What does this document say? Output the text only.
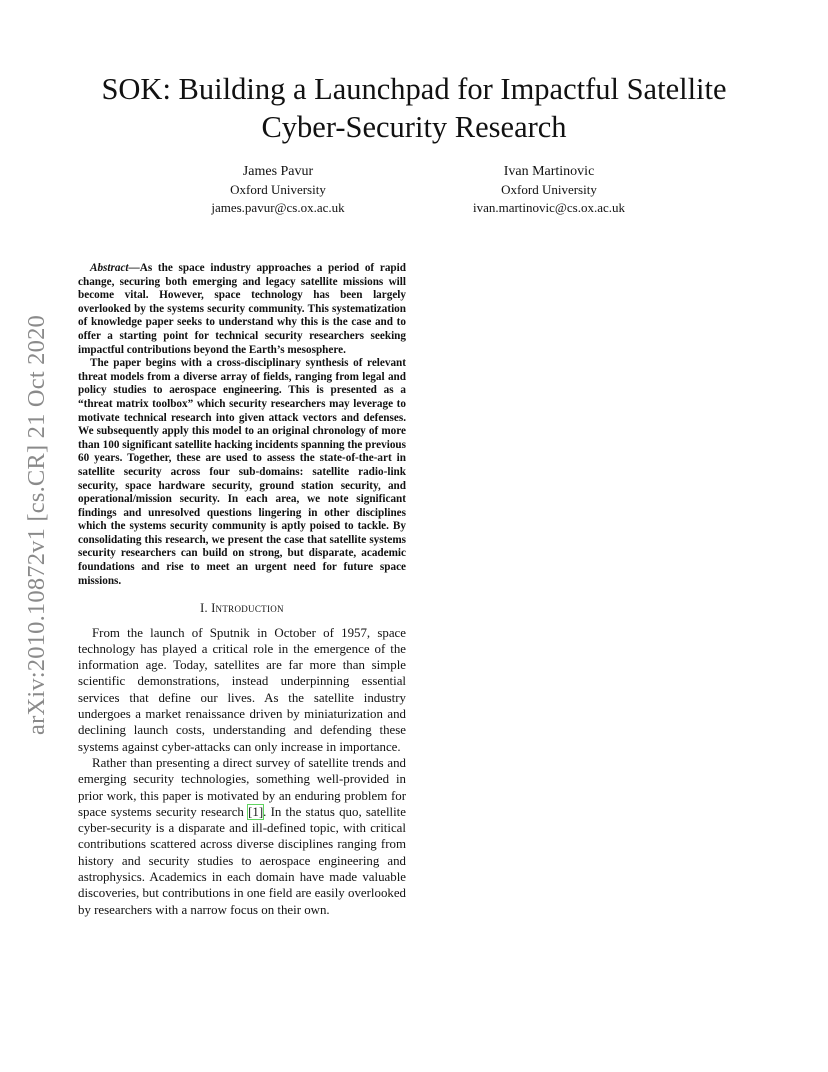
arXiv:2010.10872v1 [cs.CR] 21 Oct 2020
SOK: Building a Launchpad for Impactful Satellite Cyber-Security Research
James Pavur
Oxford University
james.pavur@cs.ox.ac.uk
Ivan Martinovic
Oxford University
ivan.martinovic@cs.ox.ac.uk

Abstract—As the space industry approaches a period of rapid change, securing both emerging and legacy satellite missions will become vital. However, space technology has been largely overlooked by the systems security community. This systematization of knowledge paper seeks to understand why this is the case and to offer a starting point for technical security researchers seeking impactful contributions beyond the Earth’s mesosphere.

The paper begins with a cross-disciplinary synthesis of relevant threat models from a diverse array of fields, ranging from legal and policy studies to aerospace engineering. This is presented as a “threat matrix toolbox” which security researchers may leverage to motivate technical research into given attack vectors and defenses. We subsequently apply this model to an original chronology of more than 100 significant satellite hacking incidents spanning the previous 60 years. Together, these are used to assess the state-of-the-art in satellite security across four sub-domains: satellite radio-link security, space hardware security, ground station security, and operational/mission security. In each area, we note significant findings and unresolved questions lingering in other disciplines which the systems security community is aptly poised to tackle. By consolidating this research, we present the case that satellite systems security researchers can build on strong, but disparate, academic foundations and rise to meet an urgent need for future space missions.

I. Introduction

From the launch of Sputnik in October of 1957, space technology has played a critical role in the emergence of the information age. Today, satellites are far more than simple scientific demonstrations, instead underpinning essential services that define our lives. As the satellite industry undergoes a market renaissance driven by miniaturization and declining launch costs, understanding and defending these systems against cyber-attacks can only increase in importance.

Rather than presenting a direct survey of satellite trends and emerging security technologies, something well-provided in prior work, this paper is motivated by an enduring problem for space systems security research [1]. In the status quo, satellite cyber-security is a disparate and ill-defined topic, with critical contributions scattered across diverse disciplines ranging from history and security studies to aerospace engineering and astrophysics. Academics in each domain have made valuable discoveries, but contributions in one field are easily overlooked by researchers with a narrow focus on their own.
